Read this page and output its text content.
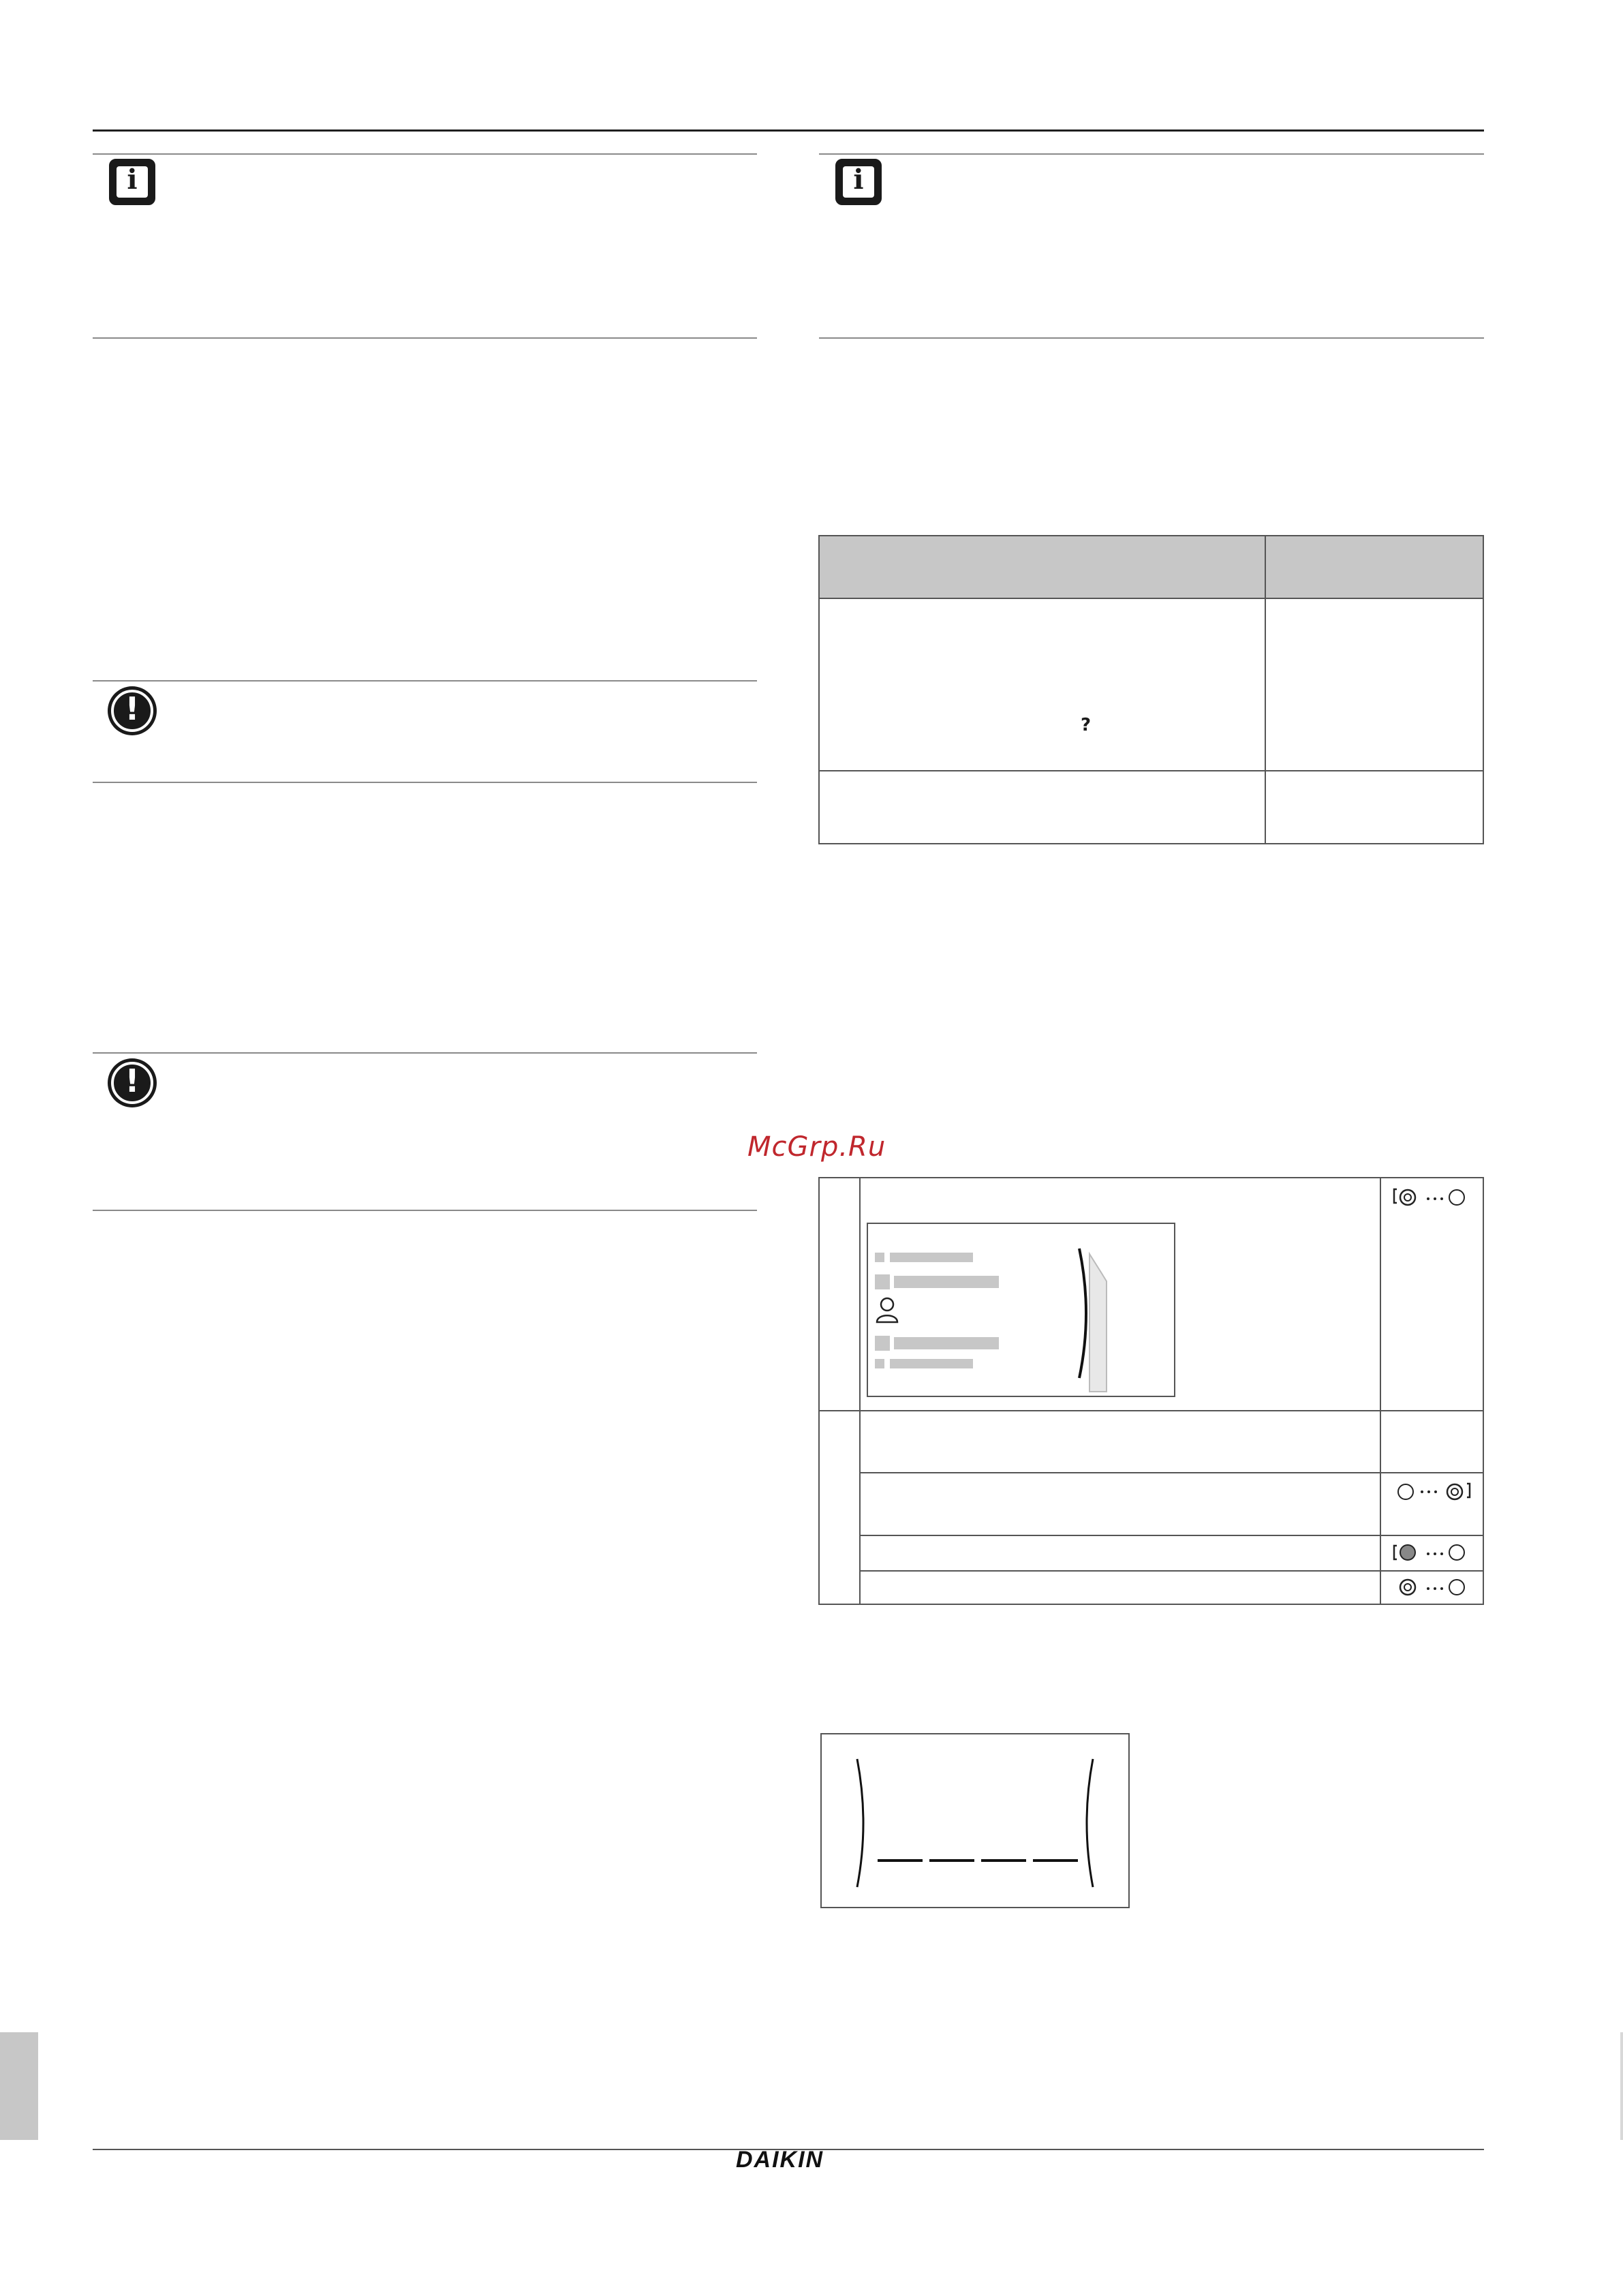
i
!
!
i
?
McGrp.Ru
DAIKIN
